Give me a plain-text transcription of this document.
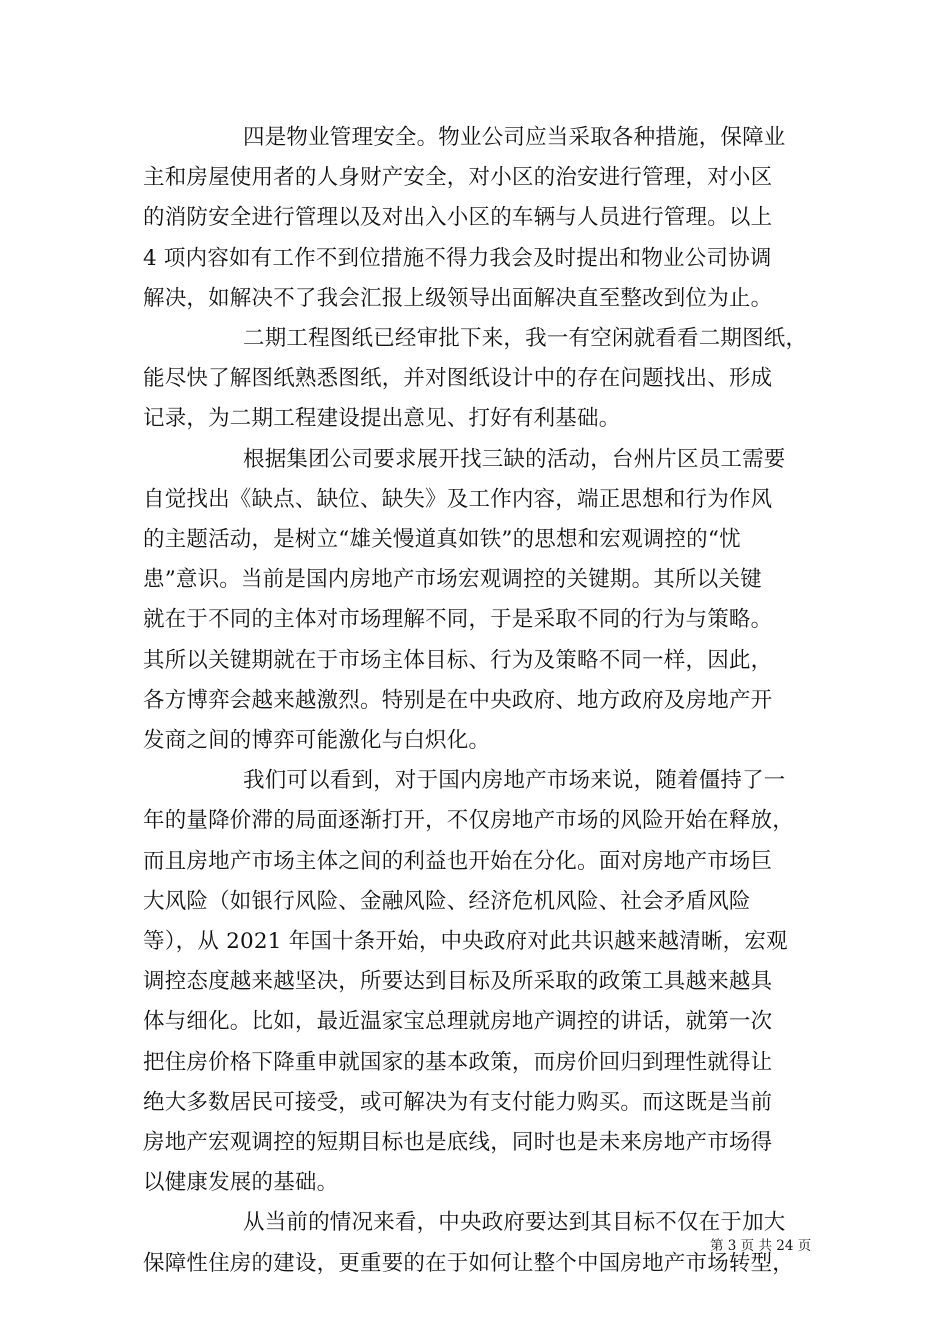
四是物业管理安全。物业公司应当采取各种措施，保障业
主和房屋使用者的人身财产安全，对小区的治安进行管理，对小区
的消防安全进行管理以及对出入小区的车辆与人员进行管理。以上
4 项内容如有工作不到位措施不得力我会及时提出和物业公司协调
解决，如解决不了我会汇报上级领导出面解决直至整改到位为止。
二期工程图纸已经审批下来，我一有空闲就看看二期图纸，
能尽快了解图纸熟悉图纸，并对图纸设计中的存在问题找出、形成
记录，为二期工程建设提出意见、打好有利基础。
根据集团公司要求展开找三缺的活动，台州片区员工需要
自觉找出《缺点、缺位、缺失》及工作内容，端正思想和行为作风
的主题活动，是树立“雄关慢道真如铁”的思想和宏观调控的“忧
患”意识。当前是国内房地产市场宏观调控的关键期。其所以关键
就在于不同的主体对市场理解不同，于是采取不同的行为与策略。
其所以关键期就在于市场主体目标、行为及策略不同一样，因此，
各方博弈会越来越激烈。特别是在中央政府、地方政府及房地产开
发商之间的博弈可能激化与白炽化。
我们可以看到，对于国内房地产市场来说，随着僵持了一
年的量降价滞的局面逐渐打开，不仅房地产市场的风险开始在释放，
而且房地产市场主体之间的利益也开始在分化。面对房地产市场巨
大风险（如银行风险、金融风险、经济危机风险、社会矛盾风险
等），从 2021 年国十条开始，中央政府对此共识越来越清晰，宏观
调控态度越来越坚决，所要达到目标及所采取的政策工具越来越具
体与细化。比如，最近温家宝总理就房地产调控的讲话，就第一次
把住房价格下降重申就国家的基本政策，而房价回归到理性就得让
绝大多数居民可接受，或可解决为有支付能力购买。而这既是当前
房地产宏观调控的短期目标也是底线，同时也是未来房地产市场得
以健康发展的基础。
从当前的情况来看，中央政府要达到其目标不仅在于加大
保障性住房的建设，更重要的在于如何让整个中国房地产市场转型，
第 3 页 共 24 页
